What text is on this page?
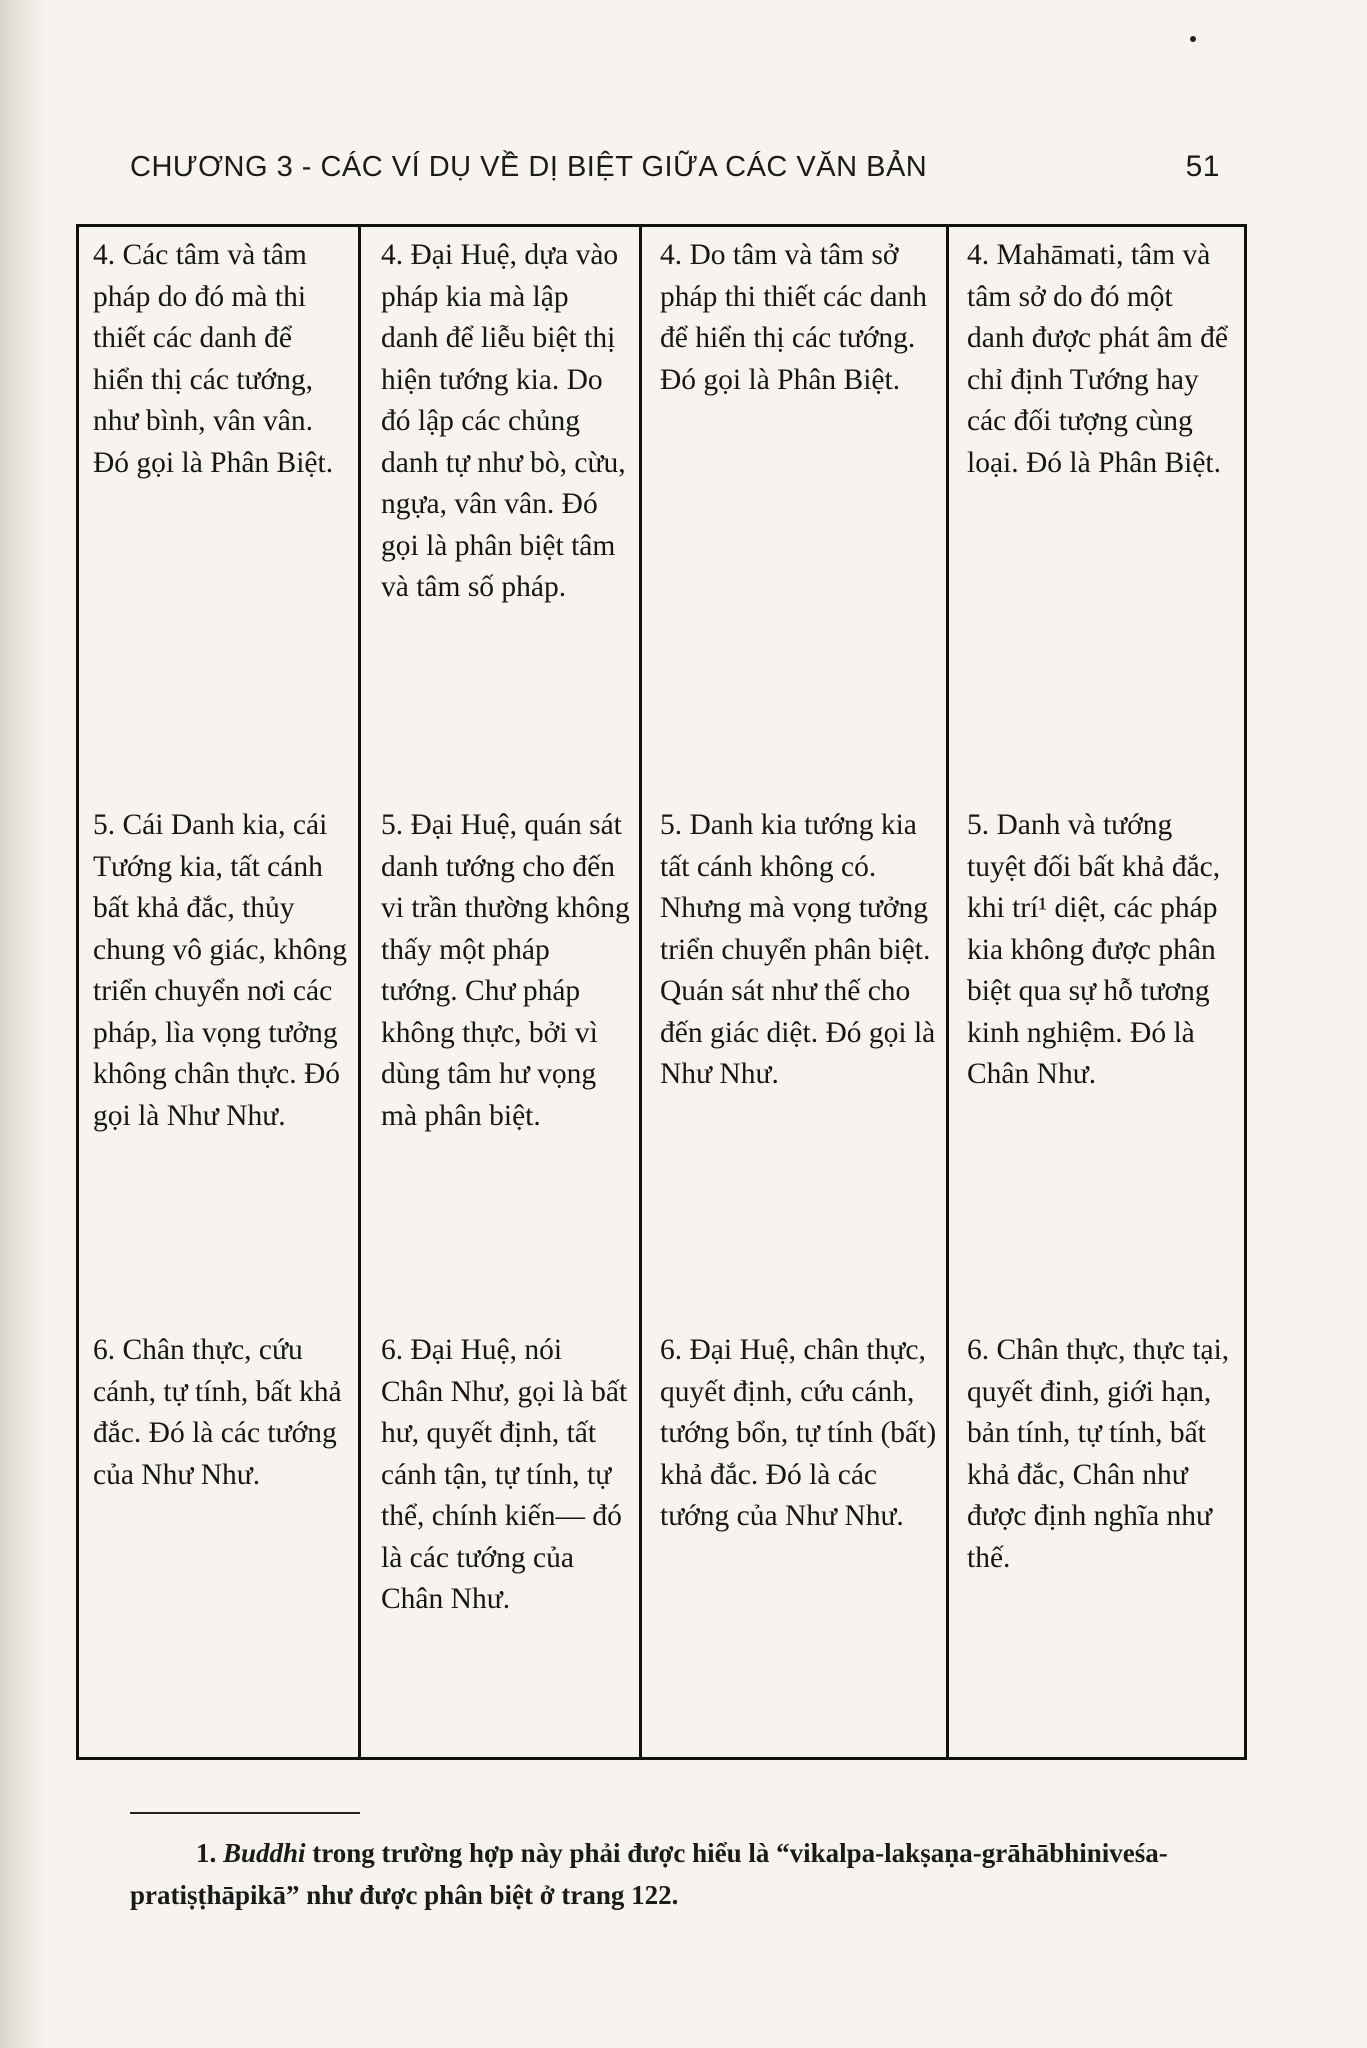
CHƯƠNG 3 - CÁC VÍ DỤ VỀ DỊ BIỆT GIỮA CÁC VĂN BẢN	51
4. Các tâm và tâm pháp do đó mà thi thiết các danh để hiển thị các tướng, như bình, vân vân. Đó gọi là Phân Biệt.
4. Đại Huệ, dựa vào pháp kia mà lập danh để liễu biệt thị hiện tướng kia. Do đó lập các chủng danh tự như bò, cừu, ngựa, vân vân. Đó gọi là phân biệt tâm và tâm số pháp.
4. Do tâm và tâm sở pháp thi thiết các danh để hiển thị các tướng. Đó gọi là Phân Biệt.
4. Mahāmati, tâm và tâm sở do đó một danh được phát âm để chỉ định Tướng hay các đối tượng cùng loại. Đó là Phân Biệt.
5. Cái Danh kia, cái Tướng kia, tất cánh bất khả đắc, thủy chung vô giác, không triển chuyển nơi các pháp, lìa vọng tưởng không chân thực. Đó gọi là Như Như.
5. Đại Huệ, quán sát danh tướng cho đến vi trần thường không thấy một pháp tướng. Chư pháp không thực, bởi vì dùng tâm hư vọng mà phân biệt.
5. Danh kia tướng kia tất cánh không có. Nhưng mà vọng tưởng triển chuyển phân biệt. Quán sát như thế cho đến giác diệt. Đó gọi là Như Như.
5. Danh và tướng tuyệt đối bất khả đắc, khi trí¹ diệt, các pháp kia không được phân biệt qua sự hỗ tương kinh nghiệm. Đó là Chân Như.
6. Chân thực, cứu cánh, tự tính, bất khả đắc. Đó là các tướng của Như Như.
6. Đại Huệ, nói Chân Như, gọi là bất hư, quyết định, tất cánh tận, tự tính, tự thể, chính kiến— đó là các tướng của Chân Như.
6. Đại Huệ, chân thực, quyết định, cứu cánh, tướng bổn, tự tính (bất) khả đắc. Đó là các tướng của Như Như.
6. Chân thực, thực tại, quyết đinh, giới hạn, bản tính, tự tính, bất khả đắc, Chân như được định nghĩa như thế.

1. Buddhi trong trường hợp này phải được hiểu là “vikalpa-lakṣaṇa-grāhābhiniveśa-

pratiṣṭhāpikā” như được phân biệt ở trang 122.
